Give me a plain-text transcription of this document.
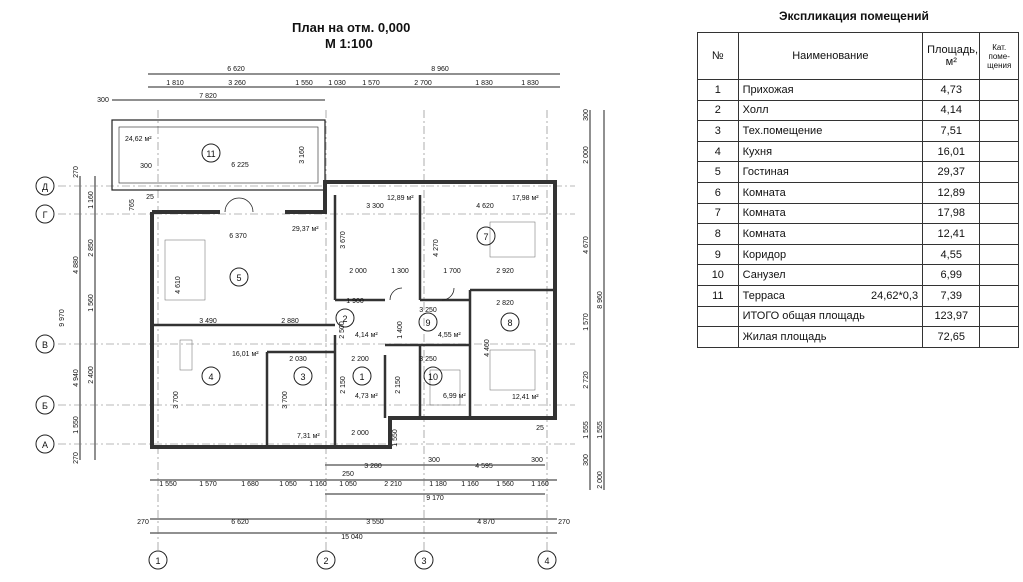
1	2	3	4
Д
Г
В
Б
А
11
5
7
8
4	3	1
2	9
10
24,62 м²
29,37 м²
12,89 м²	17,98 м²
12,41 м²
16,01 м²
7,31 м²
4,73 м²
4,14 м²	4,55 м²
6,99 м²
6 620	8 960
1 810	3 260	1 550 1 030 1 570	2 700	1 830	1 830
300
7 820
1 550	1 570	1 680	1 050 1 160 1 050	2 210	1 180 1 160 1 560 1 160
9 170
270	6 620	3 550	4 870	270
15 040
3 280	4 595
250
300	300
270
1 160
2 850
4 880
9 970
1 560
2 400
4 940
1 550
270
300
2 000
4 670
1 570
8 960
2 720
1 555 1 555
300
2 000
6 225
3 160
300
765
25
6 370
3 300	4 620
3 670	4 270
2 000	1 300	1 700	2 920
4 610
1 900	2 820
3 490	2 880	2 500	1 400
3 250
4 460
2 030	2 200
2 150
3 250
3 700	3 700
2 150
1 550
2 000
25
План на отм. 0,000
М 1:100
Экспликация помещений
№	Наименование	Площадь, м²	Кат. поме-щения
1	Прихожая	4,73	
2	Холл	4,14	
3	Тех.помещение	7,51	
4	Кухня	16,01	
5	Гостиная	29,37	
6	Комната	12,89	
7	Комната	17,98	
8	Комната	12,41	
9	Коридор	4,55	
10	Санузел	6,99	
11	Терраса 24,62*0,3	7,39	
	ИТОГО общая площадь	123,97	
	Жилая площадь	72,65	
